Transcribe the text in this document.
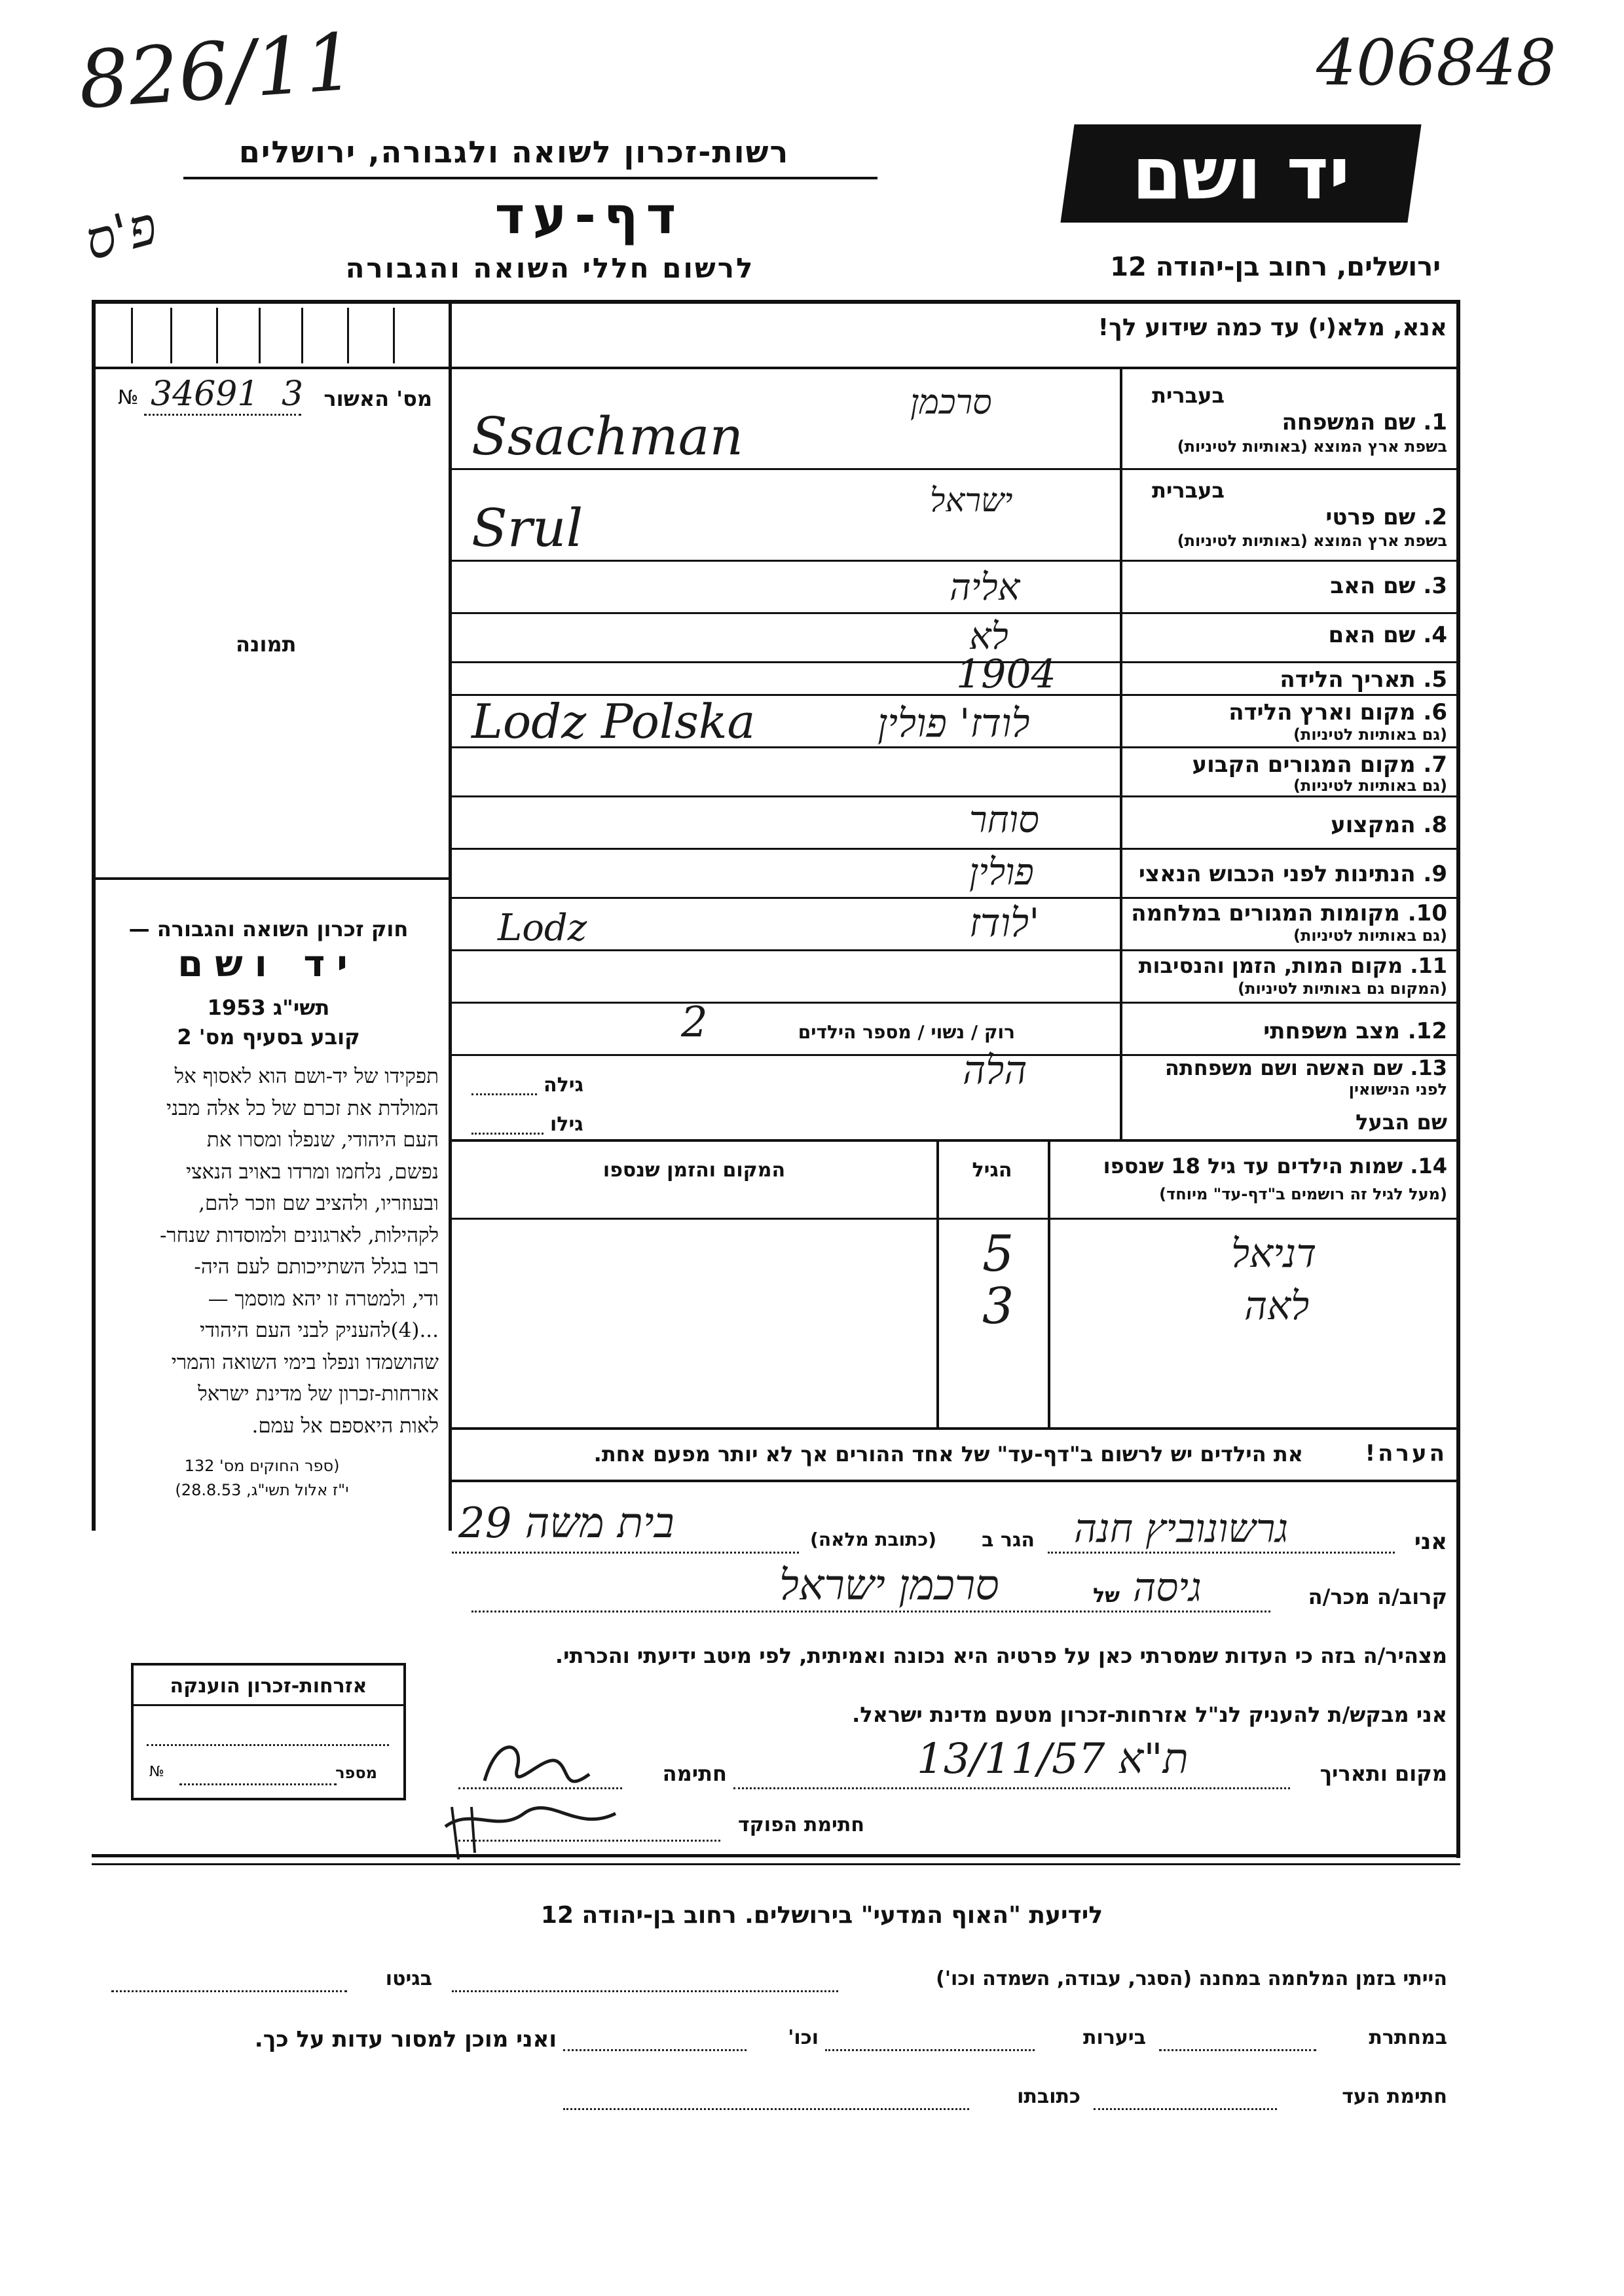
406848
826/11
פ'ס
רשות-זכרון לשואה ולגבורה, ירושלים	יד ושם
דף-עד
לרשום חללי השואה והגבורה	ירושלים, רחוב בן-יהודה 12
אנא, מלא(י) עד כמה שידוע לך!
מס' האשור
№ 34691 3
תמונה
בעברית
1. שם המשפחה
בשפת ארץ המוצא (באותיות לטיניות)
בעברית
2. שם פרטי
בשפת ארץ המוצא (באותיות לטיניות)
3. שם האב
4. שם האם
5. תאריך הלידה
6. מקום וארץ הלידה
(גם באותיות לטיניות)
7. מקום המגורים הקבוע
(גם באותיות לטיניות)
8. המקצוע
9. הנתינות לפני הכבוש הנאצי
10. מקומות המגורים במלחמה
(גם באותיות לטיניות)
11. מקום המות, הזמן והנסיבות
(המקום גם באותיות לטיניות)
12. מצב משפחתי
13. שם האשה ושם משפחתה
לפני הנישואין
שם הבעל
סרכמן
Ssachman
ישראל
Srul
אליה
לא
1904
לודז' פולין
Lodz Polska
סוחר
פולין
לודז'
Lodz
רוק / נשוי / מספר הילדים
2
הלה
גילה
גילו
14. שמות הילדים עד גיל 18 שנספו
(מעל לגיל זה רושמים ב"דף-עד" מיוחד)
הגיל
המקום והזמן שנספו
דניאל
5
לאה
3
הערה!
את הילדים יש לרשום ב"דף-עד" של אחד ההורים אך לא יותר מפעם אחת.
חוק זכרון השואה והגבורה —
יד ושם
תשי"ג 1953
קובע בסעיף מס' 2
תפקידו של יד-ושם הוא לאסוף אל
המולדת את זכרם של כל אלה מבני
העם היהודי, שנפלו ומסרו את
נפשם, נלחמו ומרדו באויב הנאצי
ובעוזריו, ולהציב שם וזכר להם,
לקהילות, לארגונים ולמוסדות שנחר-
רבו בגלל השתייכותם לעם היה-
ודי, ולמטרה זו יהא מוסמך —
...(4)להעניק לבני העם היהודי
שהושמדו ונפלו בימי השואה והמרי
אזרחות-זכרון של מדינת ישראל
לאות היאספם אל עמם.
(ספר החוקים מס' 132
י"ז אלול תשי"ג, 28.8.53)
אני
גרשונוביץ חנה
הגר ב
(כתובת מלאה)
בית משה 29
קרוב/ה מכר/ה
גיסה
של
סרכמן ישראל
מצהיר/ה בזה כי העדות שמסרתי כאן על פרטיה היא נכונה ואמיתית, לפי מיטב ידיעתי והכרתי.
אני מבקש/ת להעניק לנ"ל אזרחות-זכרון מטעם מדינת ישראל.
מקום ותאריך
ת"א 13/11/57
חתימה
חתימת הפוקד
אזרחות-זכרון הוענקה
מספר
№
לידיעת "האוף המדעי" בירושלים. רחוב בן-יהודה 12
הייתי בזמן המלחמה במחנה (הסגר, עבודה, השמדה וכו')
בגיטו
במחתרת
ביערות
וכו'
ואני מוכן למסור עדות על כך.
חתימת העד
כתובתו
